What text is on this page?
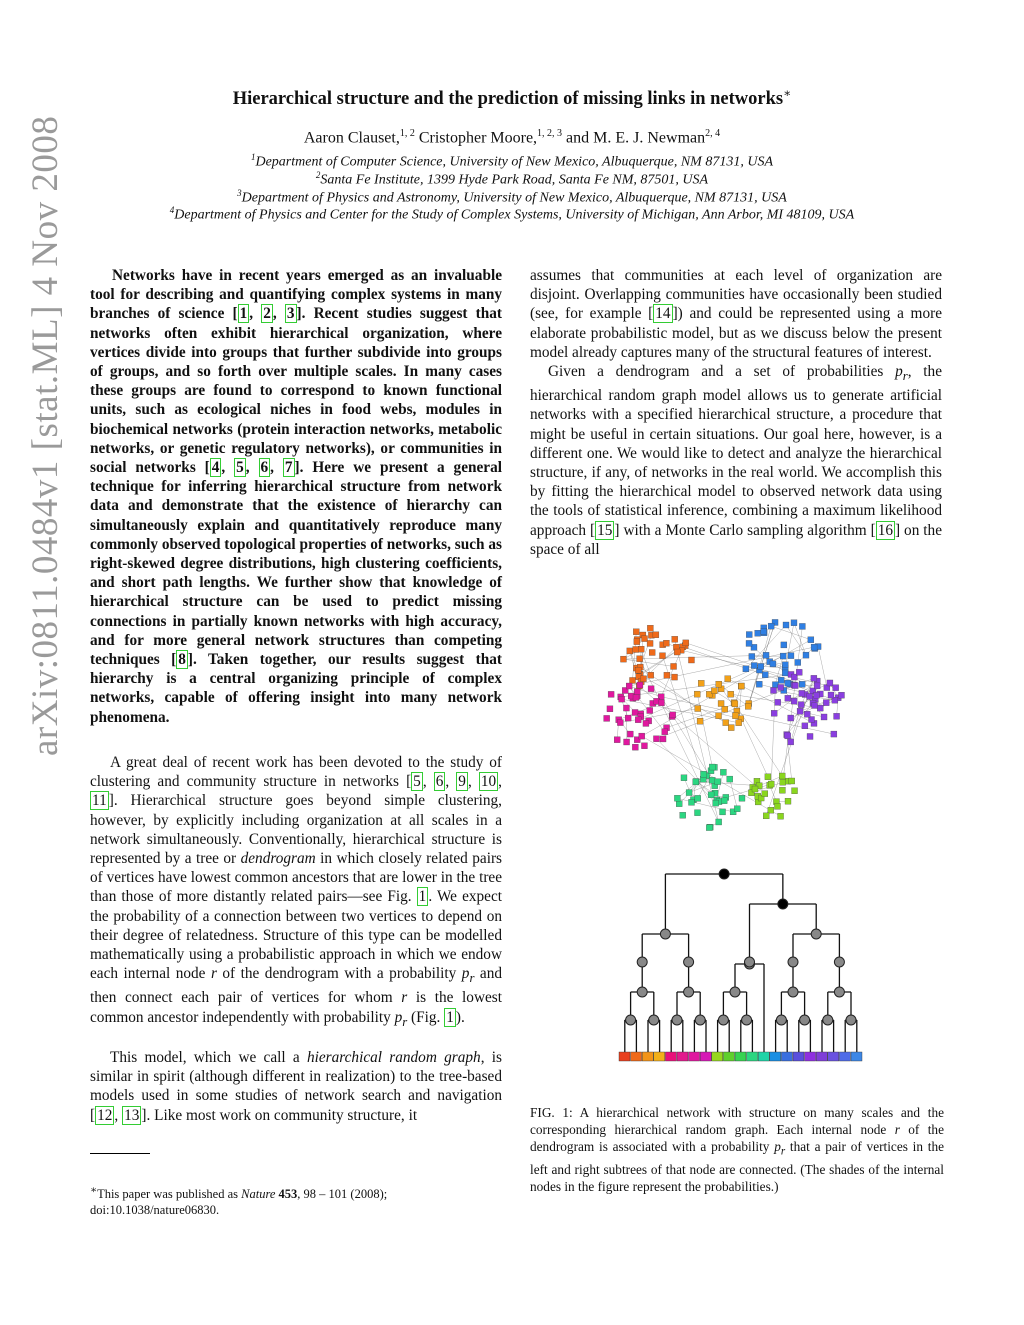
arXiv:0811.0484v1 [stat.ML] 4 Nov 2008
Hierarchical structure and the prediction of missing links in networks∗
Aaron Clauset,$^{1, 2}$ Cristopher Moore,$^{1, 2, 3}$ and M. E. J. Newman$^{2, 4}$
$^1$Department of Computer Science, University of New Mexico, Albuquerque, NM 87131, USA
$^2$Santa Fe Institute, 1399 Hyde Park Road, Santa Fe NM, 87501, USA
$^3$Department of Physics and Astronomy, University of New Mexico, Albuquerque, NM 87131, USA
$^4$Department of Physics and Center for the Study of Complex Systems, University of Michigan, Ann Arbor, MI 48109, USA
Networks have in recent years emerged as an invaluable tool for describing and quantifying complex systems in many branches of science [ 1 , 2 , 3 ]. Recent studies suggest that networks often exhibit hierarchical organization, where vertices divide into groups that further subdivide into groups of groups, and so forth over multiple scales. In many cases these groups are found to correspond to known functional units, such as ecological niches in food webs, modules in biochemical networks (protein interaction networks, metabolic networks, or genetic regulatory networks), or communities in social networks [ 4 , 5 , 6 , 7 ]. Here we present a general technique for inferring hierarchical structure from network data and demonstrate that the existence of hierarchy can simultaneously explain and quantitatively reproduce many commonly observed topological properties of networks, such as right-skewed degree distributions, high clustering coefficients, and short path lengths. We further show that knowledge of hierarchical structure can be used to predict missing connections in partially known networks with high accuracy, and for more general network structures than competing techniques [ 8 ]. Taken together, our results suggest that hierarchy is a central organizing principle of complex networks, capable of offering insight into many network phenomena.
A great deal of recent work has been devoted to the study of clustering and community structure in networks [ 5 , 6 , 9 , 10 , 11 ]. Hierarchical structure goes beyond simple clustering, however, by explicitly including organization at all scales in a network simultaneously. Conventionally, hierarchical structure is represented by a tree or dendrogram in which closely related pairs of vertices have lowest common ancestors that are lower in the tree than those of more distantly related pairs—see Fig. 1 . We expect the probability of a connection between two vertices to depend on their degree of relatedness. Structure of this type can be modelled mathematically using a probabilistic approach in which we endow each internal node r of the dendrogram with a probability $p_r$ and then connect each pair of vertices for whom r is the lowest common ancestor independently with probability $p_r$ (Fig. 1 ).
This model, which we call a hierarchical random graph, is similar in spirit (although different in realization) to the tree-based models used in some studies of network search and navigation [ 12 , 13 ]. Like most work on community structure, it

assumes that communities at each level of organization are disjoint. Overlapping communities have occasionally been studied (see, for example [ 14 ]) and could be represented using a more elaborate probabilistic model, but as we discuss below the present model already captures many of the structural features of interest.

Given a dendrogram and a set of probabilities $p_r$, the hierarchical random graph model allows us to generate artificial networks with a specified hierarchical structure, a procedure that might be useful in certain situations. Our goal here, however, is a different one. We would like to detect and analyze the hierarchical structure, if any, of networks in the real world. We accomplish this by fitting the hierarchical model to observed network data using the tools of statistical inference, combining a maximum likelihood approach [ 15 ] with a Monte Carlo sampling algorithm [ 16 ] on the space of all

FIG. 1: A hierarchical network with structure on many scales and the corresponding hierarchical random graph. Each internal node r of the dendrogram is associated with a probability $p_r$ that a pair of vertices in the left and right subtrees of that node are connected. (The shades of the internal nodes in the figure represent the probabilities.)
∗This paper was published as Nature 453, 98 – 101 (2008);
doi:10.1038/nature06830.
